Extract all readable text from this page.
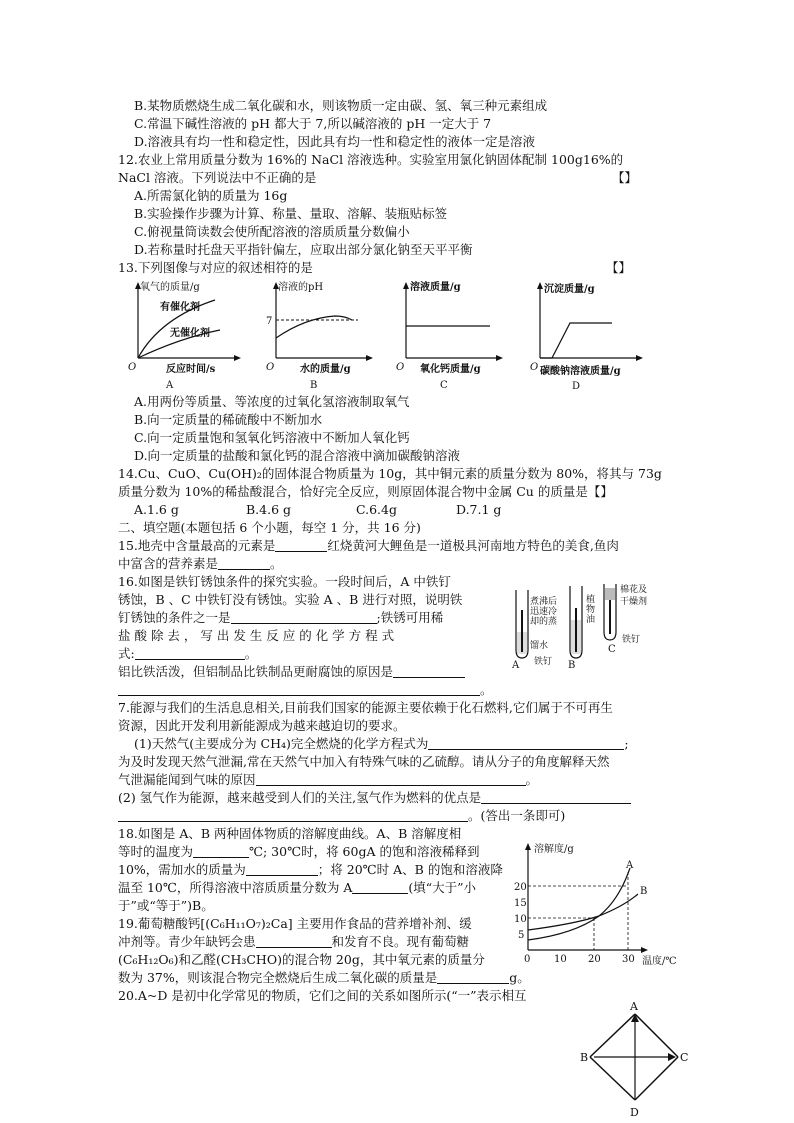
B.某物质燃烧生成二氧化碳和水，则该物质一定由碳、氢、氧三种元素组成
C.常温下碱性溶液的 pH 都大于 7,所以碱溶液的 pH 一定大于 7
D.溶液具有均一性和稳定性，因此具有均一性和稳定性的液体一定是溶液
12.农业上常用质量分数为 16%的 NaCl 溶液选种。实验室用氯化钠固体配制 100g16%的
NaCl 溶液。下列说法中不正确的是	【】
A.所需氯化钠的质量为 16g
B.实验操作步骤为计算、称量、量取、溶解、装瓶贴标签
C.俯视量筒读数会使所配溶液的溶质质量分数偏小
D.若称量时托盘天平指针偏左，应取出部分氯化钠至天平平衡
13.下列图像与对应的叙述相符的是	【】
氧气的质量/g
有催化剂
无催化剂
O	反应时间/s
A
溶液的pH
7
O	水的质量/g
B
溶液质量/g
O 氧化钙质量/g
C
沉淀质量/g
O 碳酸钠溶液质量/g
D
A.用两份等质量、等浓度的过氧化氢溶液制取氧气
B.向一定质量的稀硫酸中不断加水
C.向一定质量饱和氢氧化钙溶液中不断加人氧化钙
D.向一定质量的盐酸和氯化钙的混合溶液中滴加碳酸钠溶液
14.Cu、CuO、Cu(OH)₂的固体混合物质量为 10g，其中铜元素的质量分数为 80%，将其与 73g
质量分数为 10%的稀盐酸混合，恰好完全反应，则原固体混合物中金属 Cu 的质量是【】
A.1.6 g	B.4.6 g	C.6.4g	D.7.1 g
二、填空题(本题包括 6 个小题，每空 1 分，共 16 分)
15.地壳中含量最高的元素是	红烧黄河大鲤鱼是一道极具河南地方特色的美食,鱼肉
中富含的营养素是	。
16.如图是铁钉锈蚀条件的探究实验。一段时间后，A 中铁钉
锈蚀，B 、C 中铁钉没有锈蚀。实验 A 、B 进行对照，说明铁
钉锈蚀的条件之一是	;铁锈可用稀
盐 酸 除 去 ， 写 出 发 生 反 应 的 化 学 方 程 式
式:	。
铝比铁活泼，但铝制品比铁制品更耐腐蚀的原因是
。
A	B
C
煮沸后
迅速冷
却的蒸
馏水
植
物
油
棉花及
干燥剂
铁钉
铁钉
7.能源与我们的生活息息相关,目前我们国家的能源主要依赖于化石燃料,它们属于不可再生
资源，因此开发利用新能源成为越来越迫切的要求。
(1)天然气(主要成分为 CH₄)完全燃烧的化学方程式为	;
为及时发现天然气泄漏,常在天然气中加入有特殊气味的乙硫醇。请从分子的角度解释天然
气泄漏能闻到气味的原因	。
(2) 氢气作为能源，越来越受到人们的关注,氢气作为燃料的优点是
。(答出一条即可)
18.如图是 A、B 两种固体物质的溶解度曲线。A、B 溶解度相
等时的温度为	℃; 30℃时，将 60gA 的饱和溶液稀释到
10%，需加水的质量为	；将 20℃时 A、B 的饱和溶液降
温至 10℃，所得溶液中溶质质量分数为 A	(填“大于”小
于”或“等于”)B。
19.葡萄糖酸钙[(C₆H₁₁O₇)₂Ca] 主要用作食品的营养增补剂、缓
冲剂等。青少年缺钙会患	和发育不良。现有葡萄糖
(C₆H₁₂O₆)和乙醛(CH₃CHO)的混合物 20g，其中氧元素的质量分
数为 37%，则该混合物完全燃烧后生成二氧化碳的质量是	g。
20.A~D 是初中化学常见的物质，它们之间的关系如图所示(“一”表示相互
溶解度/g
20
15
10
5
0 10 20 30 温度/℃
A
B
A
B	C
D
